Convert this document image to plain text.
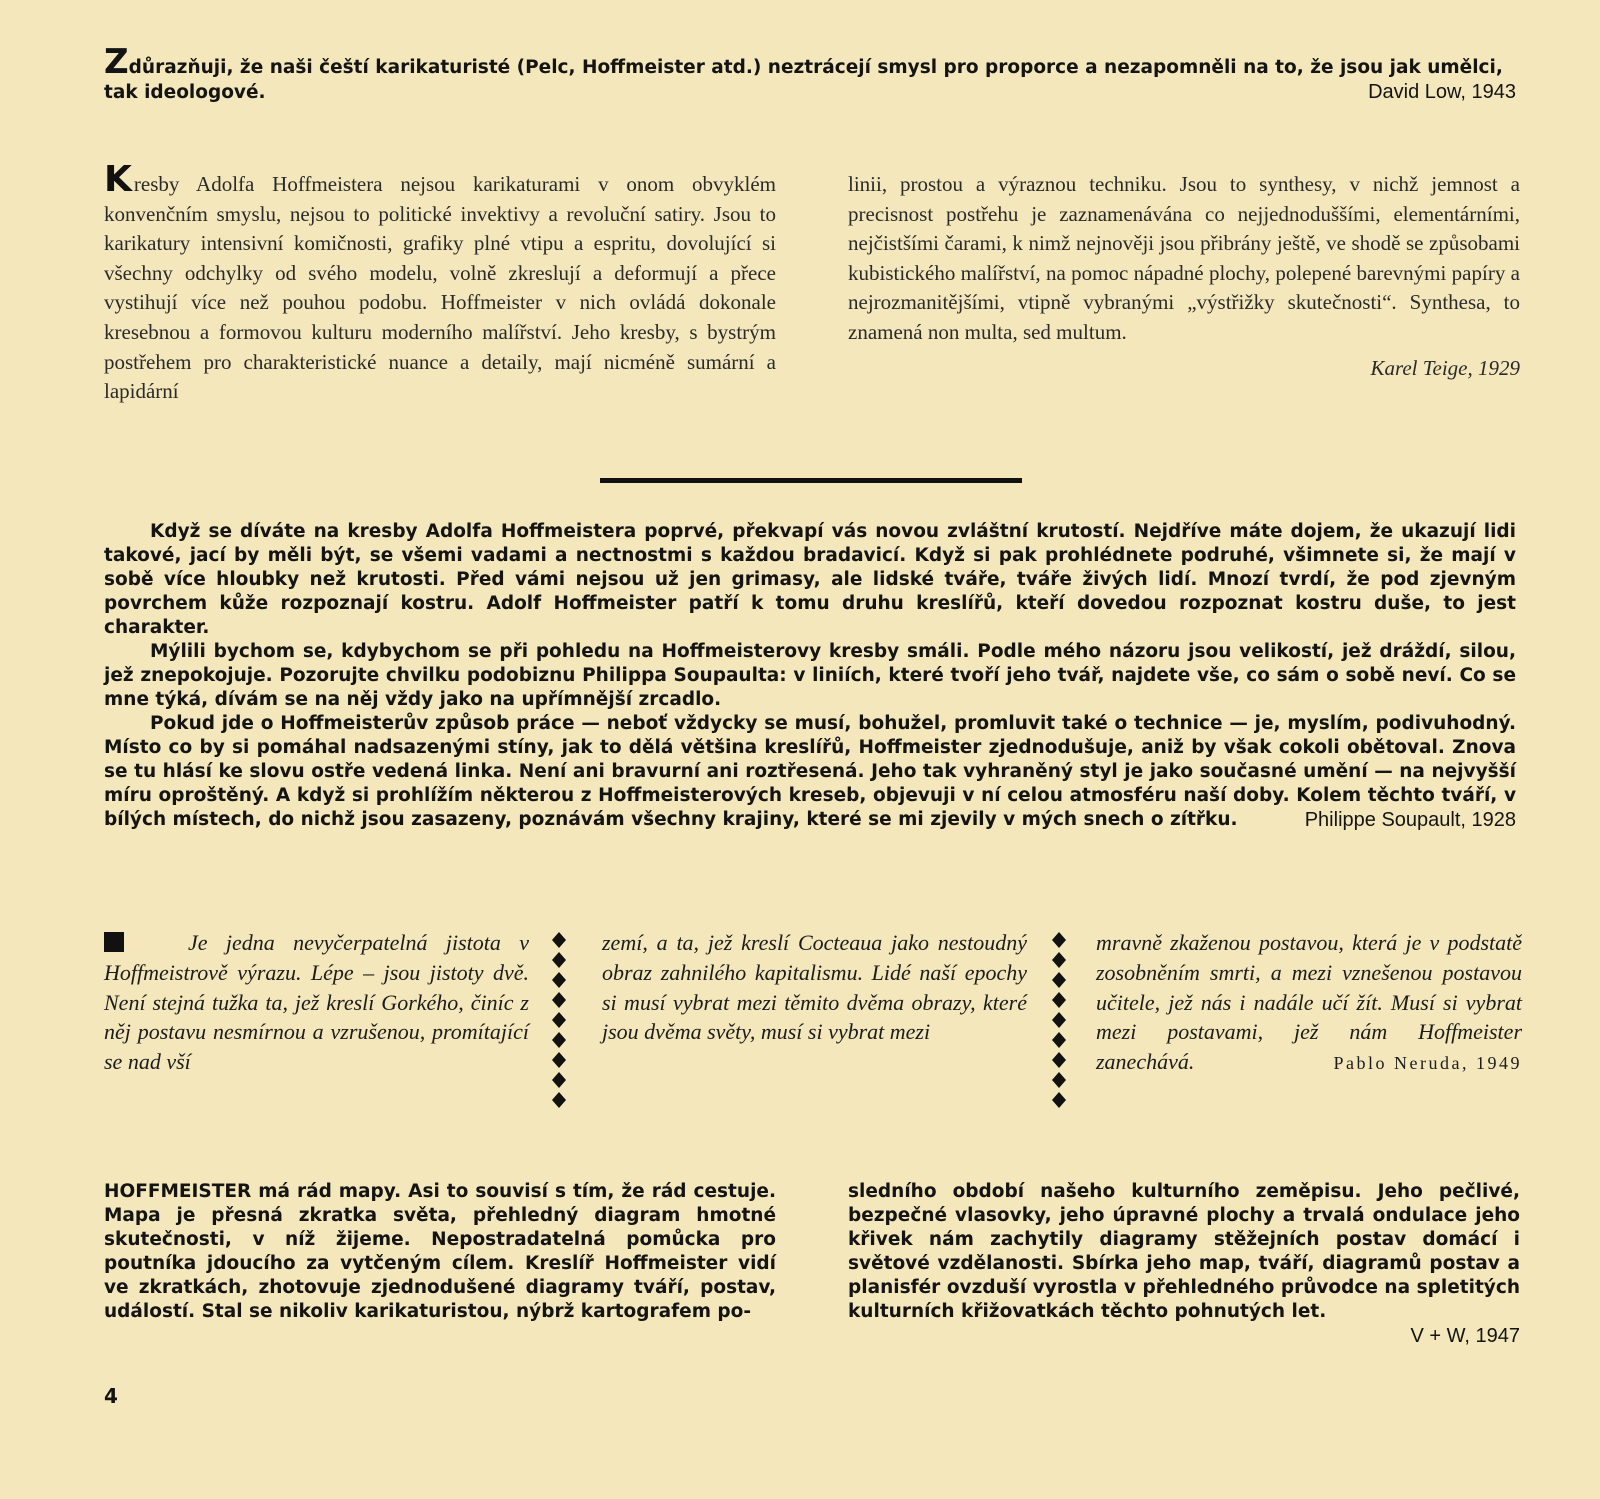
Zdůrazňuji, že naši čeští karikaturisté (Pelc, Hoffmeister atd.) neztrácejí smysl pro proporce a nezapomněli na to, že jsou jak umělci, tak ideologové.	David Low, 1943
Kresby Adolfa Hoffmeistera nejsou karikaturami v onom obvyklém konvenčním smyslu, nejsou to politické invektivy a revoluční satiry. Jsou to karikatury intensivní komičnosti, grafiky plné vtipu a espritu, dovolující si všechny odchylky od svého modelu, volně zkreslují a deformují a přece vystihují více než pouhou podobu. Hoffmeister v nich ovládá dokonale kresebnou a formovou kulturu moderního malířství. Jeho kresby, s bystrým postřehem pro charakteristické nuance a detaily, mají nicméně sumární a lapidární
linii, prostou a výraznou techniku. Jsou to synthesy, v nichž jemnost a precisnost postřehu je zaznamenávána co nejjednoduššími, elementárními, nejčistšími čarami, k nimž nejnověji jsou přibrány ještě, ve shodě se způsobami kubistického malířství, na pomoc nápadné plochy, polepené barevnými papíry a nejrozmanitějšími, vtipně vybranými „výstřižky skutečnosti“. Synthesa, to znamená non multa, sed multum.
Karel Teige, 1929

Když se díváte na kresby Adolfa Hoffmeistera poprvé, překvapí vás novou zvláštní krutostí. Nejdříve máte dojem, že ukazují lidi takové, jací by měli být, se všemi vadami a nectnostmi s každou bradavicí. Když si pak prohlédnete podruhé, všimnete si, že mají v sobě více hloubky než krutosti. Před vámi nejsou už jen grimasy, ale lidské tváře, tváře živých lidí. Mnozí tvrdí, že pod zjevným povrchem kůže rozpoznají kostru. Adolf Hoffmeister patří k tomu druhu kreslířů, kteří dovedou rozpoznat kostru duše, to jest charakter.

Mýlili bychom se, kdybychom se při pohledu na Hoffmeisterovy kresby smáli. Podle mého názoru jsou velikostí, jež dráždí, silou, jež znepokojuje. Pozorujte chvilku podobiznu Philippa Soupaulta: v liniích, které tvoří jeho tvář, najdete vše, co sám o sobě neví. Co se mne týká, dívám se na něj vždy jako na upřímnější zrcadlo.

Pokud jde o Hoffmeisterův způsob práce — neboť vždycky se musí, bohužel, promluvit také o technice — je, myslím, podivuhodný. Místo co by si pomáhal nadsazenými stíny, jak to dělá většina kreslířů, Hoffmeister zjednodušuje, aniž by však cokoli obětoval. Znova se tu hlásí ke slovu ostře vedená linka. Není ani bravurní ani roztřesená. Jeho tak vyhraněný styl je jako současné umění — na nejvyšší míru oproštěný. A když si prohlížím některou z Hoffmeisterových kreseb, objevuji v ní celou atmosféru naší doby. Kolem těchto tváří, v bílých místech, do nichž jsou zasazeny, poznávám všechny krajiny, které se mi zjevily v mých snech o zítřku.	Philippe Soupault, 1928
Je jedna nevyčerpatelná jistota v Hoffmeistrově výrazu. Lépe – jsou jistoty dvě. Není stejná tužka ta, jež kreslí Gorkého, činíc z něj postavu nesmírnou a vzrušenou, promítající se nad vší
zemí, a ta, jež kreslí Cocteaua jako nestoudný obraz zahnilého kapitalismu. Lidé naší epochy si musí vybrat mezi těmito dvěma obrazy, které jsou dvěma světy, musí si vybrat mezi
mravně zkaženou postavou, která je v podstatě zosobněním smrti, a mezi vznešenou postavou učitele, jež nás i nadále učí žít. Musí si vybrat mezi postavami, jež nám Hoffmeister zanechává.	Pablo Neruda, 1949
HOFFMEISTER má rád mapy. Asi to souvisí s tím, že rád cestuje. Mapa je přesná zkratka světa, přehledný diagram hmotné skutečnosti, v níž žijeme. Nepostradatelná pomůcka pro poutníka jdoucího za vytčeným cílem. Kreslíř Hoffmeister vidí ve zkratkách, zhotovuje zjednodušené diagramy tváří, postav, událostí. Stal se nikoliv karikaturistou, nýbrž kartografem po-
sledního období našeho kulturního zeměpisu. Jeho pečlivé, bezpečné vlasovky, jeho úpravné plochy a trvalá ondulace jeho křivek nám zachytily diagramy stěžejních postav domácí i světové vzdělanosti. Sbírka jeho map, tváří, diagramů postav a planisfér ovzduší vyrostla v přehledného průvodce na spletitých kulturních křižovatkách těchto pohnutých let.
V + W, 1947
4
